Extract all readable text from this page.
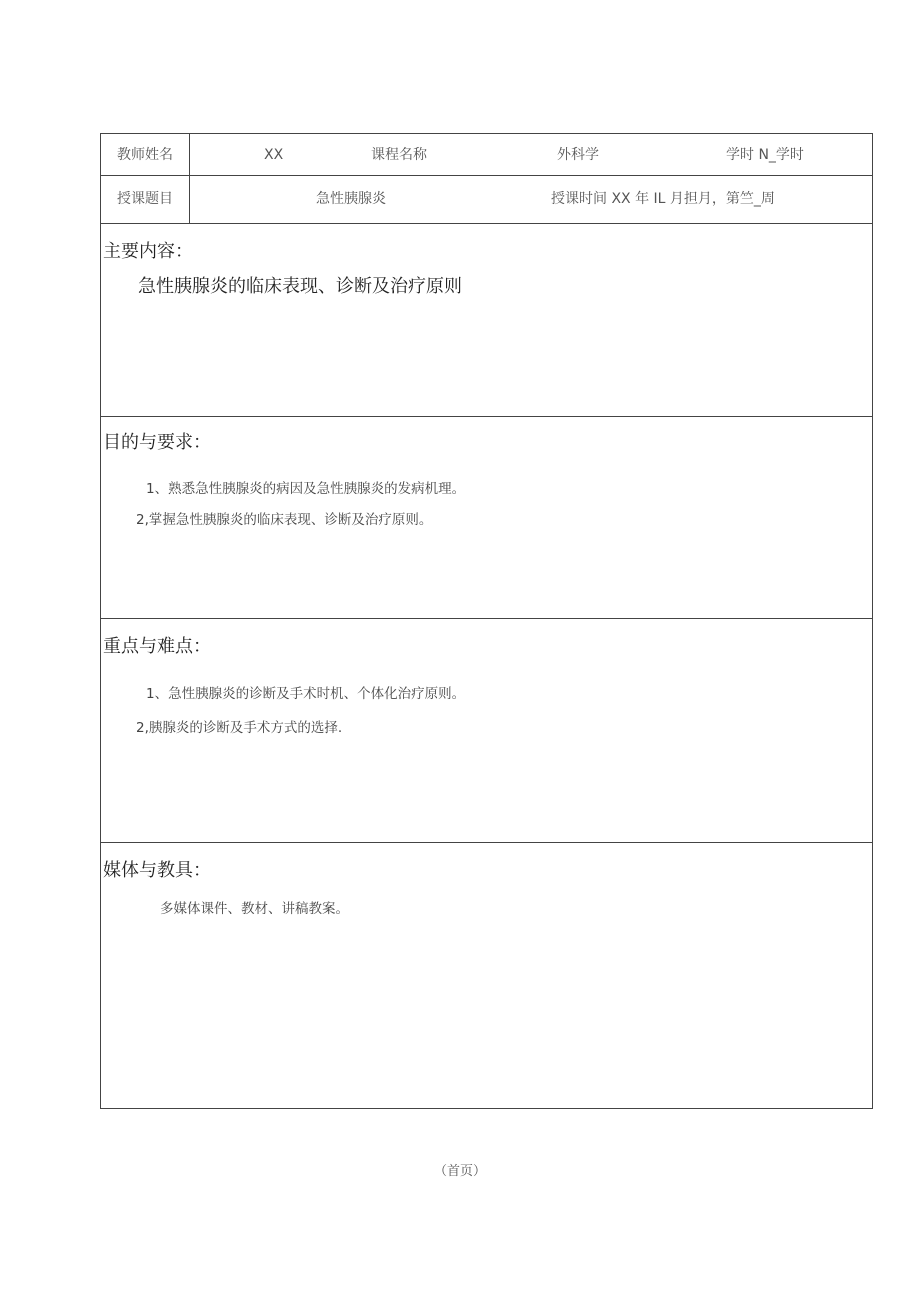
教师姓名	XX	课程名称	外科学	学时 N_学时
授课题目	急性胰腺炎	授课时间 XX 年 IL 月担月，第竺_周
主要内容：
急性胰腺炎的临床表现、诊断及治疗原则
目的与要求：
1、熟悉急性胰腺炎的病因及急性胰腺炎的发病机理。
2,掌握急性胰腺炎的临床表现、诊断及治疗原则。
重点与难点：
1、急性胰腺炎的诊断及手术时机、个体化治疗原则。
2,胰腺炎的诊断及手术方式的选择.
媒体与教具：
多媒体课件、教材、讲稿教案。
（首页）
